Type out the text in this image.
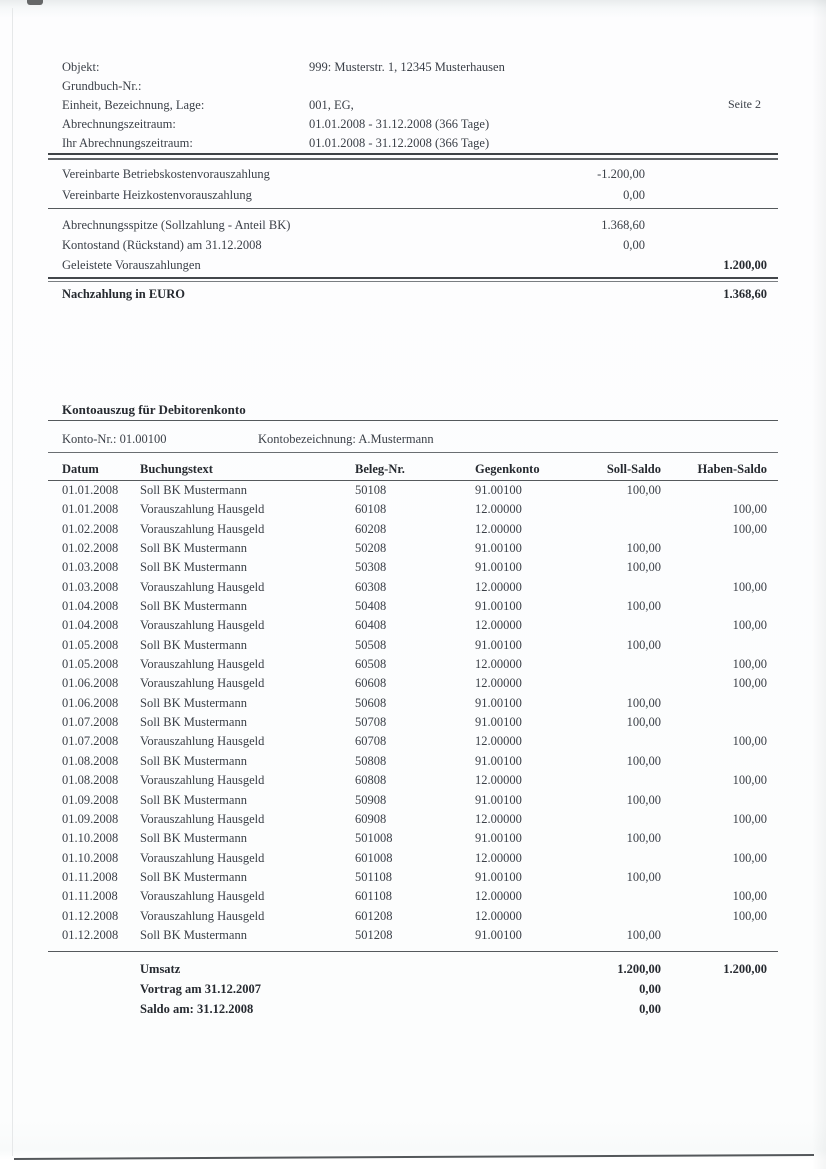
Objekt:	999: Musterstr. 1, 12345 Musterhausen
Grundbuch-Nr.:
Einheit, Bezeichnung, Lage:	001, EG,
Abrechnungszeitraum:	01.01.2008 - 31.12.2008 (366 Tage)
Ihr Abrechnungszeitraum:	01.01.2008 - 31.12.2008 (366 Tage)
Seite 2
Vereinbarte Betriebskostenvorauszahlung	-1.200,00
Vereinbarte Heizkostenvorauszahlung	0,00
Abrechnungsspitze (Sollzahlung - Anteil BK)	1.368,60
Kontostand (Rückstand) am 31.12.2008	0,00
Geleistete Vorauszahlungen	1.200,00
Nachzahlung in EURO	1.368,60
Kontoauszug für Debitorenkonto
Konto-Nr.: 01.00100	Kontobezeichnung: A.Mustermann
Datum	Buchungstext	Beleg-Nr.	Gegenkonto	Soll-Saldo	Haben-Saldo
01.01.2008	Soll BK Mustermann	50108	91.00100	100,00	
01.01.2008	Vorauszahlung Hausgeld	60108	12.00000		100,00
01.02.2008	Vorauszahlung Hausgeld	60208	12.00000		100,00
01.02.2008	Soll BK Mustermann	50208	91.00100	100,00	
01.03.2008	Soll BK Mustermann	50308	91.00100	100,00	
01.03.2008	Vorauszahlung Hausgeld	60308	12.00000		100,00
01.04.2008	Soll BK Mustermann	50408	91.00100	100,00	
01.04.2008	Vorauszahlung Hausgeld	60408	12.00000		100,00
01.05.2008	Soll BK Mustermann	50508	91.00100	100,00	
01.05.2008	Vorauszahlung Hausgeld	60508	12.00000		100,00
01.06.2008	Vorauszahlung Hausgeld	60608	12.00000		100,00
01.06.2008	Soll BK Mustermann	50608	91.00100	100,00	
01.07.2008	Soll BK Mustermann	50708	91.00100	100,00	
01.07.2008	Vorauszahlung Hausgeld	60708	12.00000		100,00
01.08.2008	Soll BK Mustermann	50808	91.00100	100,00	
01.08.2008	Vorauszahlung Hausgeld	60808	12.00000		100,00
01.09.2008	Soll BK Mustermann	50908	91.00100	100,00	
01.09.2008	Vorauszahlung Hausgeld	60908	12.00000		100,00
01.10.2008	Soll BK Mustermann	501008	91.00100	100,00	
01.10.2008	Vorauszahlung Hausgeld	601008	12.00000		100,00
01.11.2008	Soll BK Mustermann	501108	91.00100	100,00	
01.11.2008	Vorauszahlung Hausgeld	601108	12.00000		100,00
01.12.2008	Vorauszahlung Hausgeld	601208	12.00000		100,00
01.12.2008	Soll BK Mustermann	501208	91.00100	100,00	
Umsatz	1.200,00	1.200,00
Vortrag am 31.12.2007	0,00
Saldo am: 31.12.2008	0,00
